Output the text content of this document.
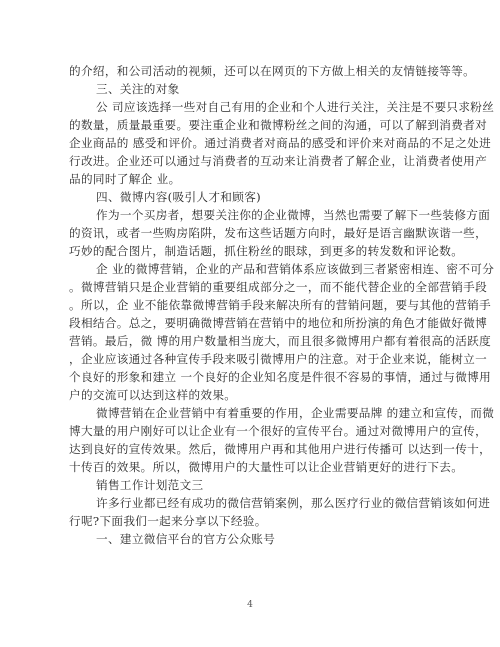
的介绍，和公司活动的视频，还可以在网页的下方做上相关的友情链接等等。
三、关注的对象
公 司应该选择一些对自己有用的企业和个人进行关注，关注是不要只求粉丝
的数量，质量最重要。要注重企业和微博粉丝之间的沟通，可以了解到消费者对
企业商品的 感受和评价。通过消费者对商品的感受和评价来对商品的不足之处进
行改进。企业还可以通过与消费者的互动来让消费者了解企业，让消费者使用产
品的同时了解企 业。
四、微博内容(吸引人才和顾客)
作为一个买房者，想要关注你的企业微博，当然也需要了解下一些装修方面
的资讯，或者一些购房陷阱，发布这些话题方向时，最好是语言幽默诙谐一些，
巧妙的配合图片，制造话题，抓住粉丝的眼球，到更多的转发数和评论数。
企 业的微博营销，企业的产品和营销体系应该做到三者紧密相连、密不可分
。微博营销只是企业营销的重要组成部分之一，而不能代替企业的全部营销手段
。所以，企 业不能依靠微博营销手段来解决所有的营销问题，要与其他的营销手
段相结合。总之，要明确微博营销在营销中的地位和所扮演的角色才能做好微博
营销。最后，微 博的用户数量相当庞大，而且很多微博用户都有着很高的活跃度
，企业应该通过各种宣传手段来吸引微博用户的注意。对于企业来说，能树立一
个良好的形象和建立 一个良好的企业知名度是件很不容易的事情，通过与微博用
户的交流可以达到这样的效果。
微博营销在企业营销中有着重要的作用，企业需要品牌 的建立和宣传，而微
博大量的用户刚好可以让企业有一个很好的宣传平台。通过对微博用户的宣传，
达到良好的宣传效果。然后，微博用户再和其他用户进行传播可 以达到一传十，
十传百的效果。所以，微博用户的大量性可以让企业营销更好的进行下去。
销售工作计划范文三
许多行业都已经有成功的微信营销案例，那么医疗行业的微信营销该如何进
行呢?下面我们一起来分享以下经验。
一、建立微信平台的官方公众账号
4
